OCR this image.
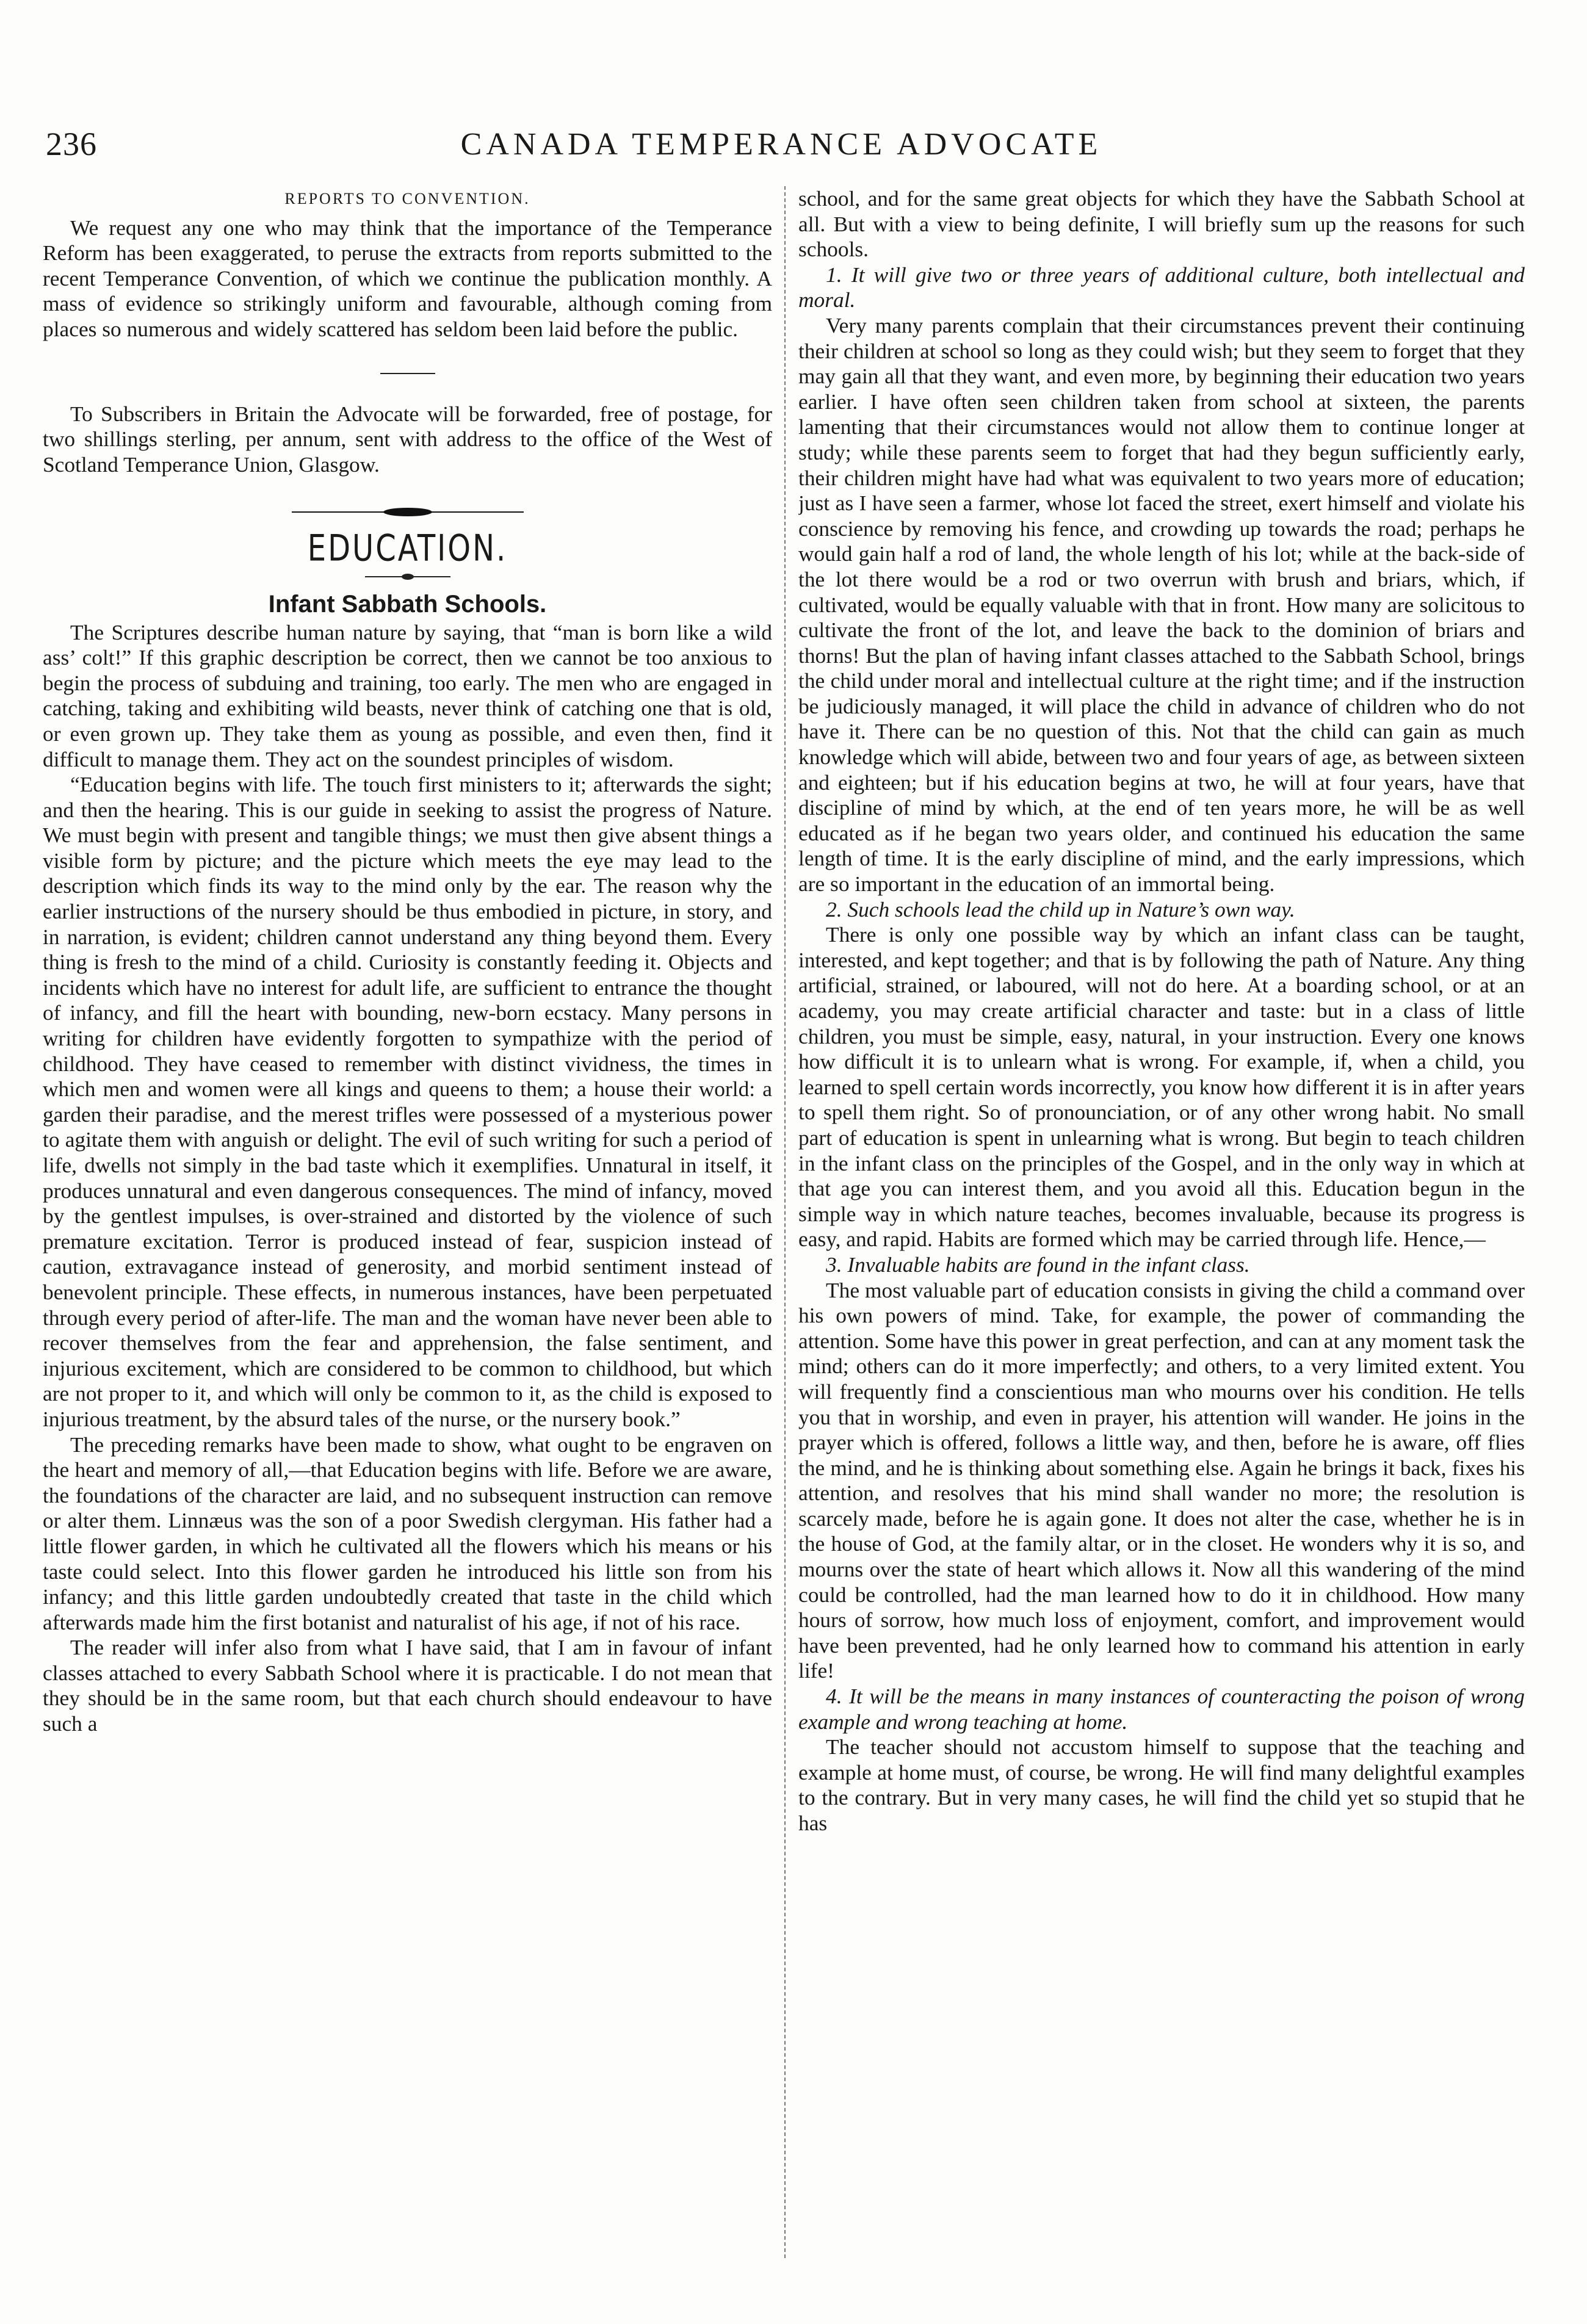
236	CANADA TEMPERANCE ADVOCATE
REPORTS TO CONVENTION.

We request any one who may think that the importance of the Temperance Reform has been exaggerated, to peruse the extracts from reports submitted to the recent Temperance Convention, of which we continue the publication monthly. A mass of evidence so strikingly uniform and favourable, although coming from places so numerous and widely scattered has seldom been laid before the public.

To Subscribers in Britain the Advocate will be forwarded, free of postage, for two shillings sterling, per annum, sent with address to the office of the West of Scotland Temperance Union, Glasgow.

EDUCATION.
Infant Sabbath Schools.

The Scriptures describe human nature by saying, that “man is born like a wild ass’ colt!” If this graphic description be correct, then we cannot be too anxious to begin the process of subduing and training, too early. The men who are engaged in catching, taking and exhibiting wild beasts, never think of catching one that is old, or even grown up. They take them as young as possible, and even then, find it difficult to manage them. They act on the soundest principles of wisdom.

“Education begins with life. The touch first ministers to it; afterwards the sight; and then the hearing. This is our guide in seeking to assist the progress of Nature. We must begin with present and tangible things; we must then give absent things a visible form by picture; and the picture which meets the eye may lead to the description which finds its way to the mind only by the ear. The reason why the earlier instructions of the nursery should be thus embodied in picture, in story, and in narration, is evident; children cannot understand any thing beyond them. Every thing is fresh to the mind of a child. Curiosity is constantly feeding it. Objects and incidents which have no interest for adult life, are sufficient to entrance the thought of infancy, and fill the heart with bounding, new-born ecstacy. Many persons in writing for children have evidently forgotten to sympathize with the period of childhood. They have ceased to remember with distinct vividness, the times in which men and women were all kings and queens to them; a house their world: a garden their paradise, and the merest trifles were possessed of a mysterious power to agitate them with anguish or delight. The evil of such writing for such a period of life, dwells not simply in the bad taste which it exemplifies. Unnatural in itself, it produces unnatural and even dangerous consequences. The mind of infancy, moved by the gentlest impulses, is over-strained and distorted by the violence of such premature excitation. Terror is produced instead of fear, suspicion instead of caution, extravagance instead of generosity, and morbid sentiment instead of benevolent principle. These effects, in numerous instances, have been perpetuated through every period of after-life. The man and the woman have never been able to recover themselves from the fear and apprehension, the false sentiment, and injurious excitement, which are considered to be common to childhood, but which are not proper to it, and which will only be common to it, as the child is exposed to injurious treatment, by the absurd tales of the nurse, or the nursery book.”

The preceding remarks have been made to show, what ought to be engraven on the heart and memory of all,—that Education begins with life. Before we are aware, the foundations of the character are laid, and no subsequent instruction can remove or alter them. Linnæus was the son of a poor Swedish clergyman. His father had a little flower garden, in which he cultivated all the flowers which his means or his taste could select. Into this flower garden he introduced his little son from his infancy; and this little garden undoubtedly created that taste in the child which afterwards made him the first botanist and naturalist of his age, if not of his race.

The reader will infer also from what I have said, that I am in favour of infant classes attached to every Sabbath School where it is practicable. I do not mean that they should be in the same room, but that each church should endeavour to have such a

school, and for the same great objects for which they have the Sabbath School at all. But with a view to being definite, I will briefly sum up the reasons for such schools.

1. It will give two or three years of additional culture, both intellectual and moral.

Very many parents complain that their circumstances prevent their continuing their children at school so long as they could wish; but they seem to forget that they may gain all that they want, and even more, by beginning their education two years earlier. I have often seen children taken from school at sixteen, the parents lamenting that their circumstances would not allow them to continue longer at study; while these parents seem to forget that had they begun sufficiently early, their children might have had what was equivalent to two years more of education; just as I have seen a farmer, whose lot faced the street, exert himself and violate his conscience by removing his fence, and crowding up towards the road; perhaps he would gain half a rod of land, the whole length of his lot; while at the back-side of the lot there would be a rod or two overrun with brush and briars, which, if cultivated, would be equally valuable with that in front. How many are solicitous to cultivate the front of the lot, and leave the back to the dominion of briars and thorns! But the plan of having infant classes attached to the Sabbath School, brings the child under moral and intellectual culture at the right time; and if the instruction be judiciously managed, it will place the child in advance of children who do not have it. There can be no question of this. Not that the child can gain as much knowledge which will abide, between two and four years of age, as between sixteen and eighteen; but if his education begins at two, he will at four years, have that discipline of mind by which, at the end of ten years more, he will be as well educated as if he began two years older, and continued his education the same length of time. It is the early discipline of mind, and the early impressions, which are so important in the education of an immortal being.

2. Such schools lead the child up in Nature’s own way.

There is only one possible way by which an infant class can be taught, interested, and kept together; and that is by following the path of Nature. Any thing artificial, strained, or laboured, will not do here. At a boarding school, or at an academy, you may create artificial character and taste: but in a class of little children, you must be simple, easy, natural, in your instruction. Every one knows how difficult it is to unlearn what is wrong. For example, if, when a child, you learned to spell certain words incorrectly, you know how different it is in after years to spell them right. So of pronounciation, or of any other wrong habit. No small part of education is spent in unlearning what is wrong. But begin to teach children in the infant class on the principles of the Gospel, and in the only way in which at that age you can interest them, and you avoid all this. Education begun in the simple way in which nature teaches, becomes invaluable, because its progress is easy, and rapid. Habits are formed which may be carried through life. Hence,—

3. Invaluable habits are found in the infant class.

The most valuable part of education consists in giving the child a command over his own powers of mind. Take, for example, the power of commanding the attention. Some have this power in great perfection, and can at any moment task the mind; others can do it more imperfectly; and others, to a very limited extent. You will frequently find a conscientious man who mourns over his condition. He tells you that in worship, and even in prayer, his attention will wander. He joins in the prayer which is offered, follows a little way, and then, before he is aware, off flies the mind, and he is thinking about something else. Again he brings it back, fixes his attention, and resolves that his mind shall wander no more; the resolution is scarcely made, before he is again gone. It does not alter the case, whether he is in the house of God, at the family altar, or in the closet. He wonders why it is so, and mourns over the state of heart which allows it. Now all this wandering of the mind could be controlled, had the man learned how to do it in childhood. How many hours of sorrow, how much loss of enjoyment, comfort, and improvement would have been prevented, had he only learned how to command his attention in early life!

4. It will be the means in many instances of counteracting the poison of wrong example and wrong teaching at home.

The teacher should not accustom himself to suppose that the teaching and example at home must, of course, be wrong. He will find many delightful examples to the contrary. But in very many cases, he will find the child yet so stupid that he has
